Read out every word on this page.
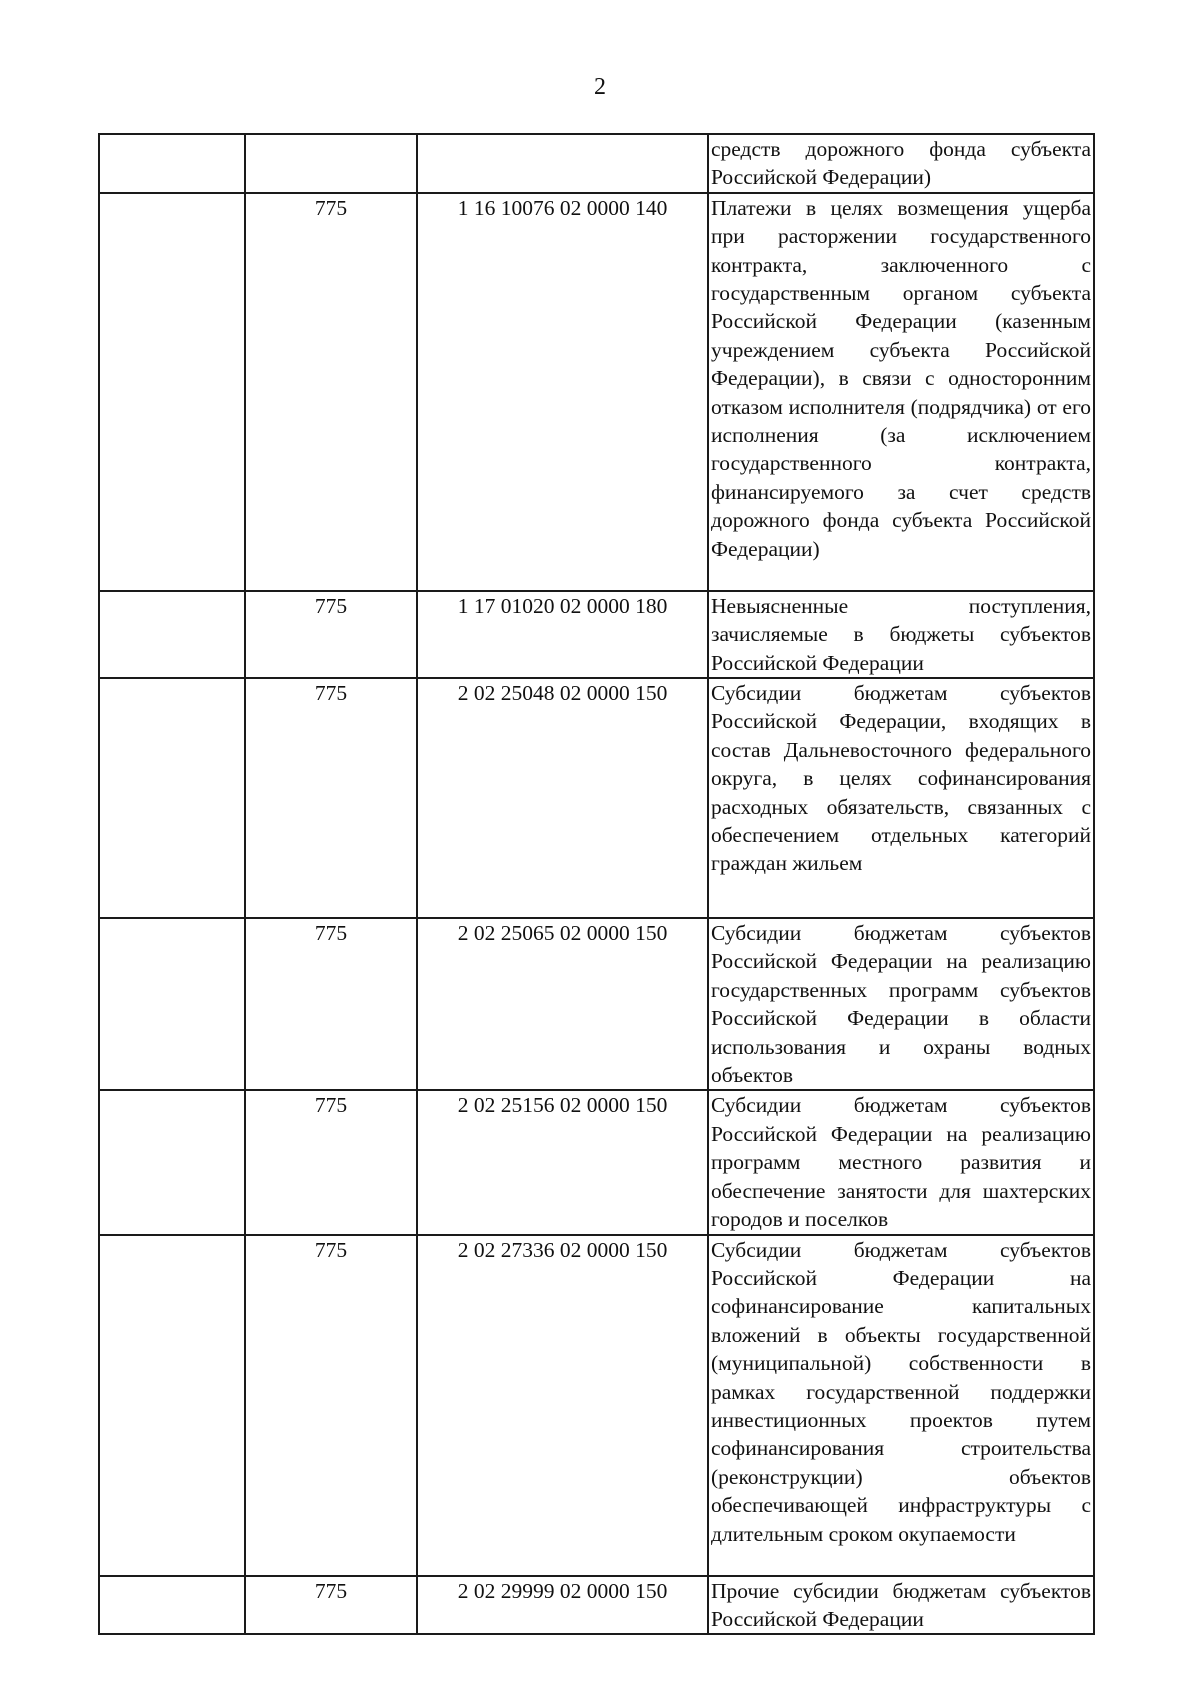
2
			средств дорожного фонда субъекта Российской Федерации)
	775	1 16 10076 02 0000 140	Платежи в целях возмещения ущерба при расторжении государственного контракта, заключенного с государственным органом субъекта Российской Федерации (казенным учреждением субъекта Российской Федерации), в связи с односторонним отказом исполнителя (подрядчика) от его исполнения (за исключением государственного контракта, финансируемого за счет средств дорожного фонда субъекта Российской Федерации)
	775	1 17 01020 02 0000 180	Невыясненные поступления, зачисляемые в бюджеты субъектов Российской Федерации
	775	2 02 25048 02 0000 150	Субсидии бюджетам субъектов Российской Федерации, входящих в состав Дальневосточного федерального округа, в целях софинансирования расходных обязательств, связанных с обеспечением отдельных категорий граждан жильем
	775	2 02 25065 02 0000 150	Субсидии бюджетам субъектов Российской Федерации на реализацию государственных программ субъектов Российской Федерации в области использования и охраны водных объектов
	775	2 02 25156 02 0000 150	Субсидии бюджетам субъектов Российской Федерации на реализацию программ местного развития и обеспечение занятости для шахтерских городов и поселков
	775	2 02 27336 02 0000 150	Субсидии бюджетам субъектов Российской Федерации на софинансирование капитальных вложений в объекты государственной (муниципальной) собственности в рамках государственной поддержки инвестиционных проектов путем софинансирования строительства (реконструкции) объектов обеспечивающей инфраструктуры с длительным сроком окупаемости
	775	2 02 29999 02 0000 150	Прочие субсидии бюджетам субъектов Российской Федерации
